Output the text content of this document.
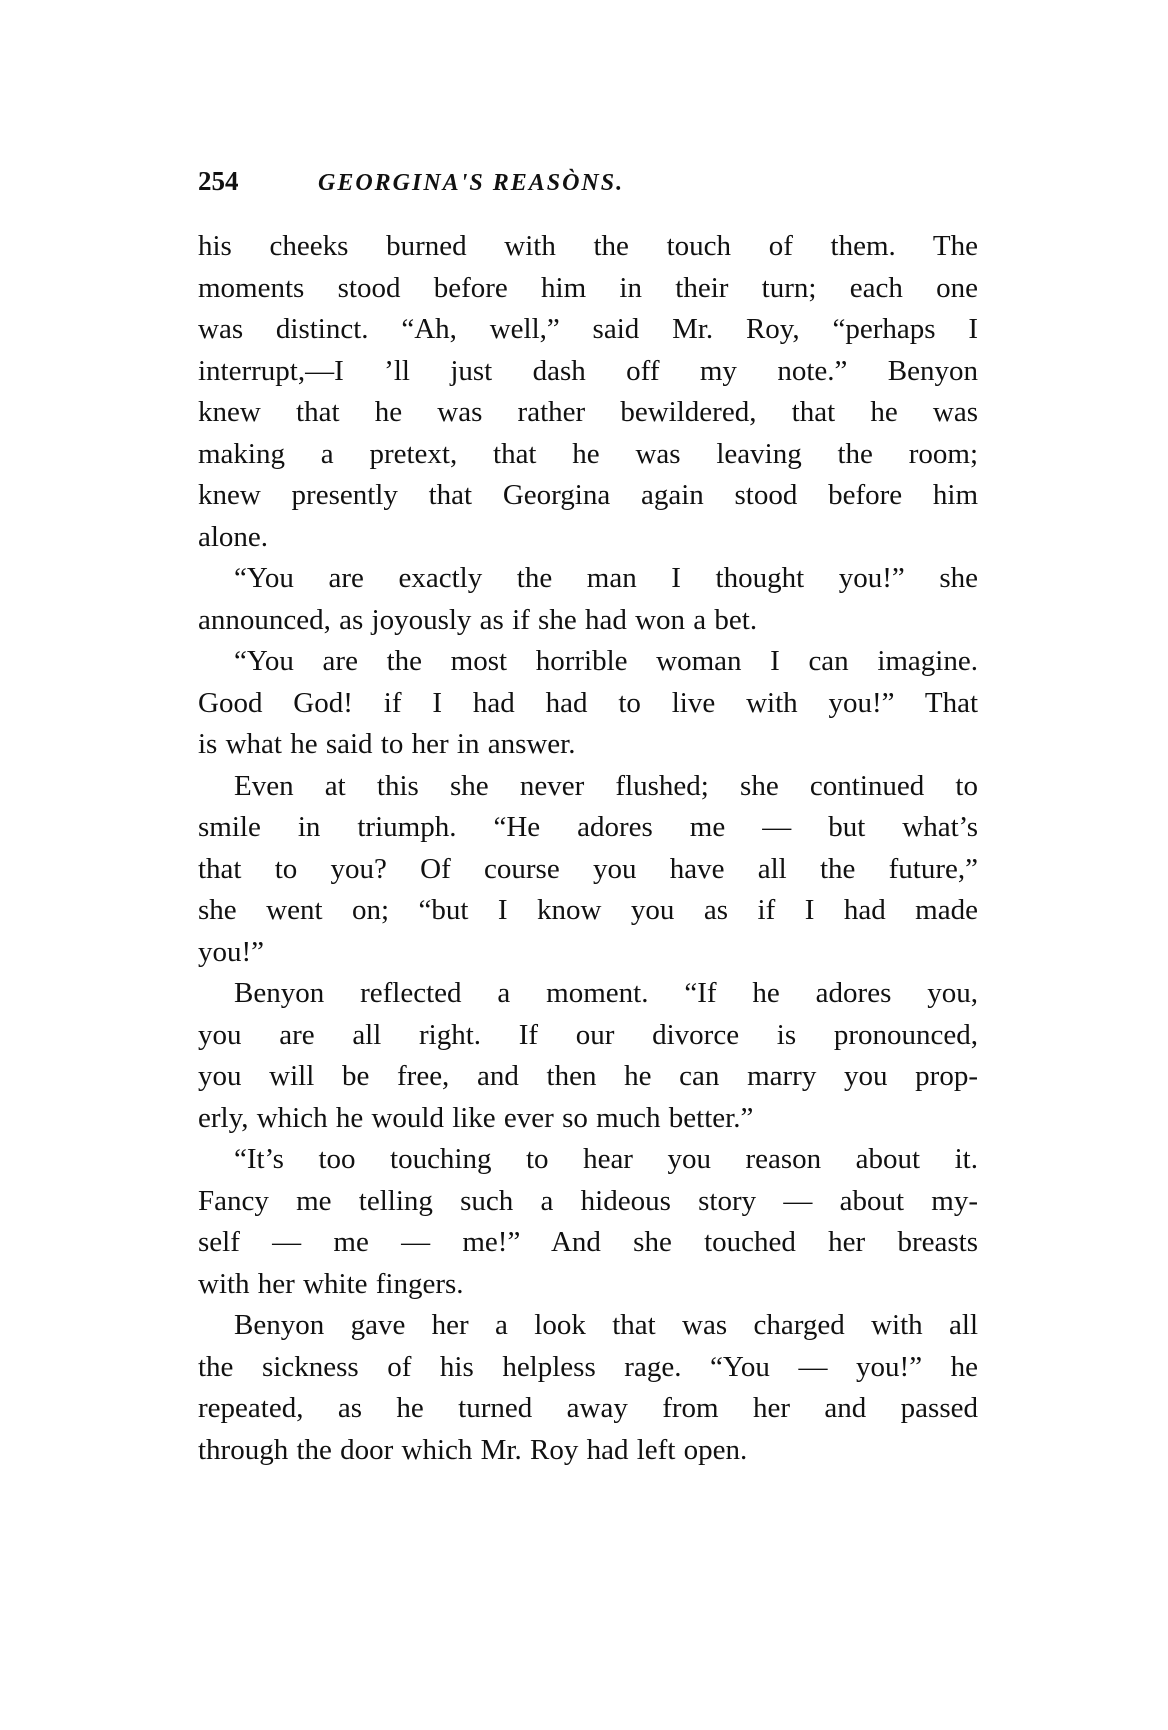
254	GEORGINA'S REASÒNS.

his cheeks burned with the touch of them. The
moments stood before him in their turn; each one
was distinct. “Ah, well,” said Mr. Roy, “perhaps I
interrupt,—I ’ll just dash off my note.” Benyon
knew that he was rather bewildered, that he was
making a pretext, that he was leaving the room;
knew presently that Georgina again stood before him
alone.

“You are exactly the man I thought you!” she
announced, as joyously as if she had won a bet.

“You are the most horrible woman I can imagine.
Good God! if I had had to live with you!” That
is what he said to her in answer.

Even at this she never flushed; she continued to
smile in triumph. “He adores me — but what’s
that to you? Of course you have all the future,”
she went on; “but I know you as if I had made
you!”

Benyon reflected a moment. “If he adores you,
you are all right. If our divorce is pronounced,
you will be free, and then he can marry you prop-
erly, which he would like ever so much better.”

“It’s too touching to hear you reason about it.
Fancy me telling such a hideous story — about my-
self — me — me!” And she touched her breasts
with her white fingers.

Benyon gave her a look that was charged with all
the sickness of his helpless rage. “You — you!” he
repeated, as he turned away from her and passed
through the door which Mr. Roy had left open.
